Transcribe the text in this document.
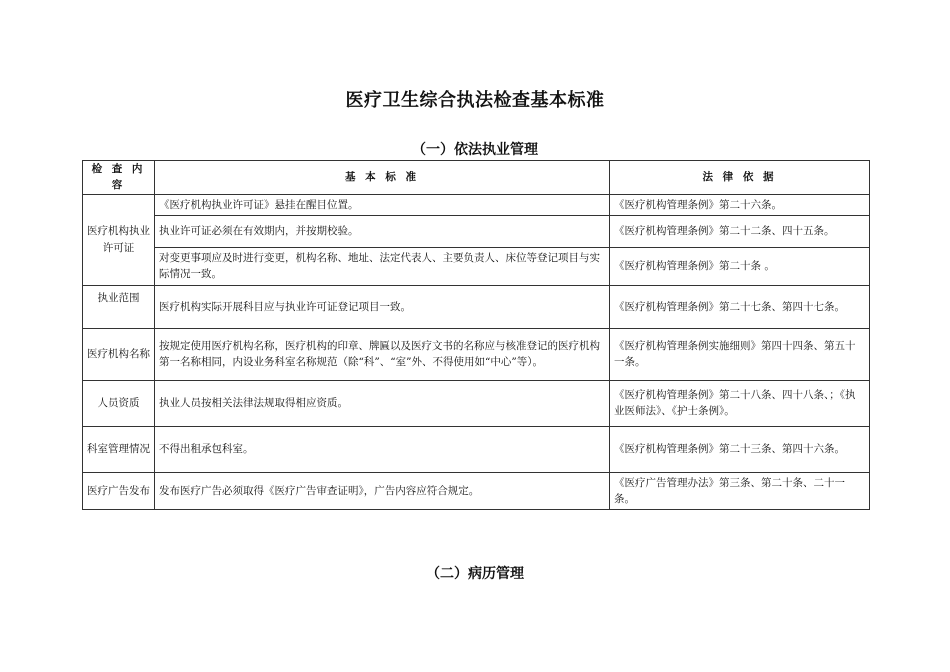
医疗卫生综合执法检查基本标准
（一）依法执业管理
检 查 内 容	基 本 标 准	法 律 依 据
医疗机构执业许可证	《医疗机构执业许可证》悬挂在醒目位置。	《医疗机构管理条例》第二十六条。
	执业许可证必须在有效期内，并按期校验。	《医疗机构管理条例》第二十二条、四十五条。
	对变更事项应及时进行变更，机构名称、地址、法定代表人、主要负责人、床位等登记项目与实际情况一致。	《医疗机构管理条例》第二十条 。
执业范围	医疗机构实际开展科目应与执业许可证登记项目一致。	《医疗机构管理条例》第二十七条、第四十七条。
医疗机构名称	按规定使用医疗机构名称，医疗机构的印章、牌匾以及医疗文书的名称应与核准登记的医疗机构第一名称相同，内设业务科室名称规范（除“科”、“室”外、不得使用如“中心”等）。	《医疗机构管理条例实施细则》第四十四条、第五十一条。
人员资质	执业人员按相关法律法规取得相应资质。	《医疗机构管理条例》第二十八条、四十八条、；《执业医师法》、《护士条例》。
科室管理情况	不得出租承包科室。	《医疗机构管理条例》第二十三条、第四十六条。
医疗广告发布	发布医疗广告必须取得《医疗广告审查证明》，广告内容应符合规定。	《医疗广告管理办法》第三条、第二十条、二十一条。
（二）病历管理
